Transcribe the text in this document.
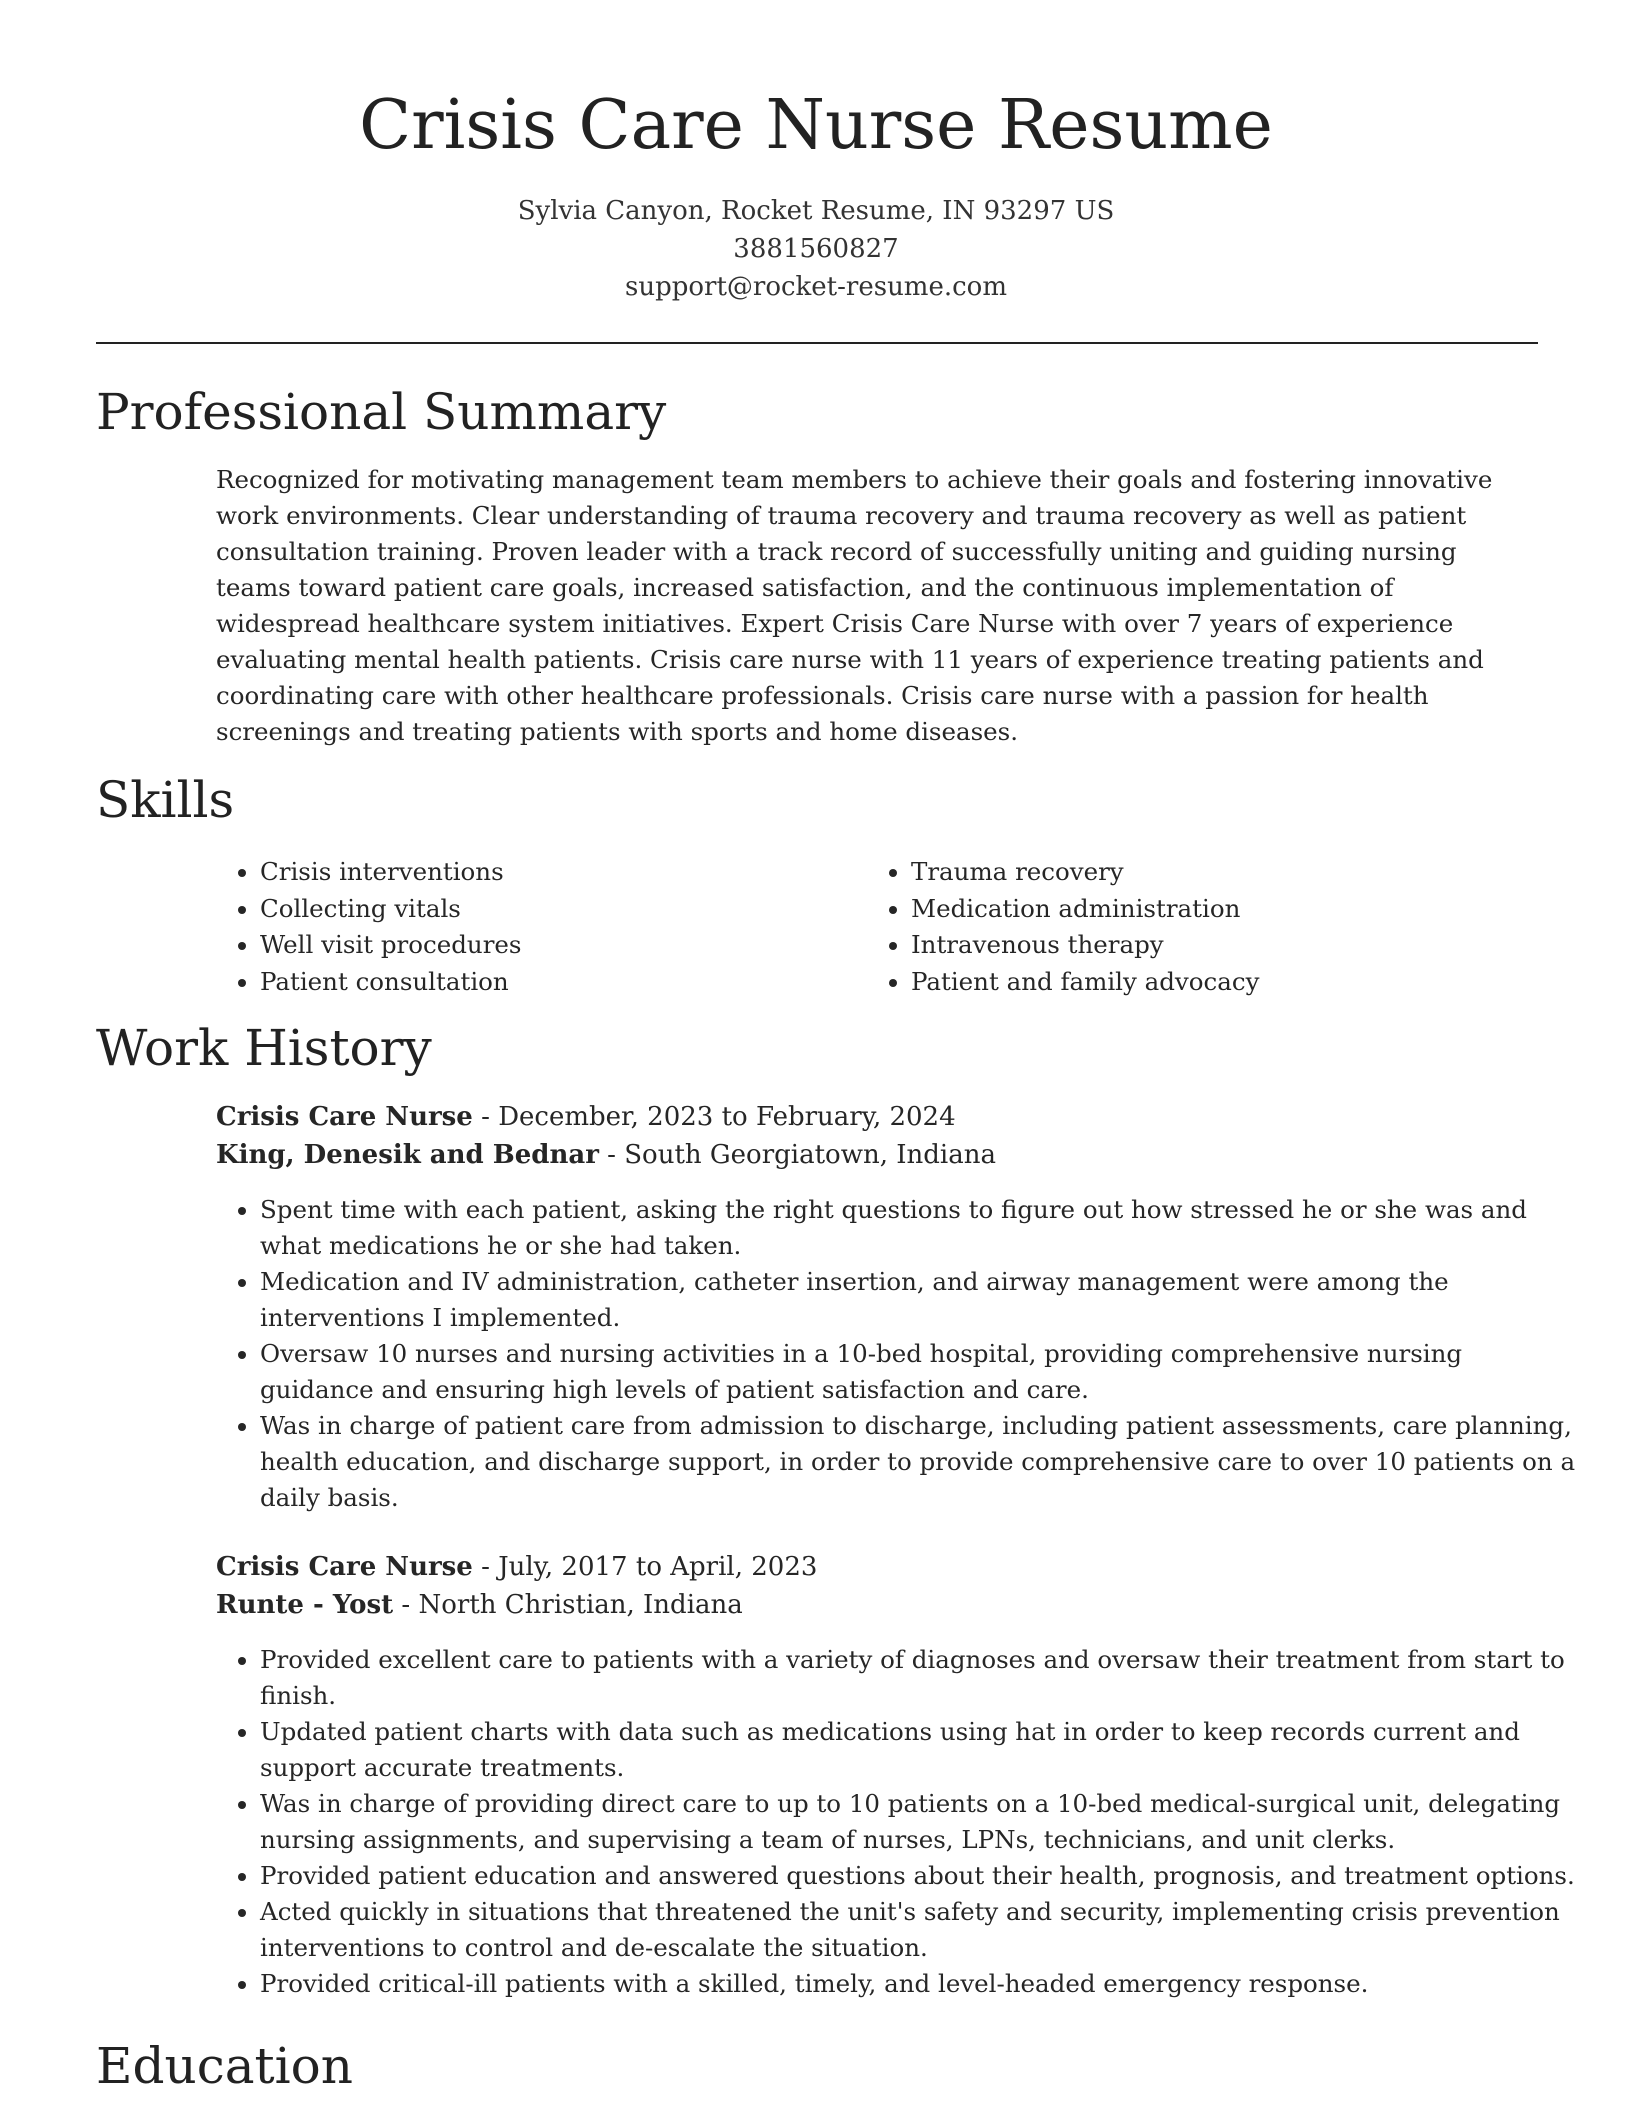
Crisis Care Nurse Resume
Sylvia Canyon, Rocket Resume, IN 93297 US
3881560827
support@rocket-resume.com
Professional Summary

Recognized for motivating management team members to achieve their goals and fostering innovative work environments. Clear understanding of trauma recovery and trauma recovery as well as patient consultation training. Proven leader with a track record of successfully uniting and guiding nursing teams toward patient care goals, increased satisfaction, and the continuous implementation of widespread healthcare system initiatives. Expert Crisis Care Nurse with over 7 years of experience evaluating mental health patients. Crisis care nurse with 11 years of experience treating patients and coordinating care with other healthcare professionals. Crisis care nurse with a passion for health screenings and treating patients with sports and home diseases.

Skills
• Crisis interventions
• Collecting vitals
• Well visit procedures
• Patient consultation
• Trauma recovery
• Medication administration
• Intravenous therapy
• Patient and family advocacy
Work History
Crisis Care Nurse - December, 2023 to February, 2024
King, Denesik and Bednar - South Georgiatown, Indiana
• Spent time with each patient, asking the right questions to figure out how stressed he or she was and what medications he or she had taken.
• Medication and IV administration, catheter insertion, and airway management were among the interventions I implemented.
• Oversaw 10 nurses and nursing activities in a 10-bed hospital, providing comprehensive nursing guidance and ensuring high levels of patient satisfaction and care.
• Was in charge of patient care from admission to discharge, including patient assessments, care planning, health education, and discharge support, in order to provide comprehensive care to over 10 patients on a daily basis.
Crisis Care Nurse - July, 2017 to April, 2023
Runte - Yost - North Christian, Indiana
• Provided excellent care to patients with a variety of diagnoses and oversaw their treatment from start to finish.
• Updated patient charts with data such as medications using hat in order to keep records current and support accurate treatments.
• Was in charge of providing direct care to up to 10 patients on a 10-bed medical-surgical unit, delegating nursing assignments, and supervising a team of nurses, LPNs, technicians, and unit clerks.
• Provided patient education and answered questions about their health, prognosis, and treatment options.
• Acted quickly in situations that threatened the unit's safety and security, implementing crisis prevention interventions to control and de-escalate the situation.
• Provided critical-ill patients with a skilled, timely, and level-headed emergency response.
Education
